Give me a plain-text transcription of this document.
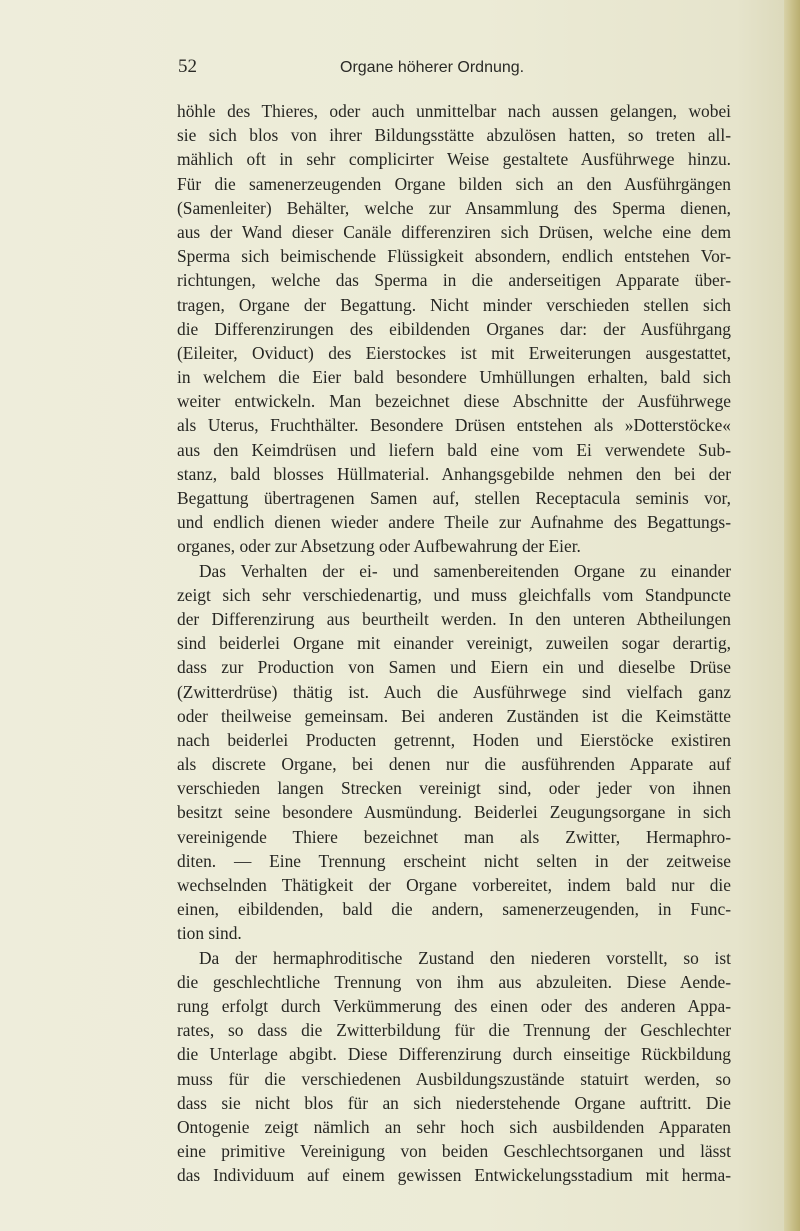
52	Organe höherer Ordnung.
höhle des Thieres, oder auch unmittelbar nach aussen gelangen, wobei
sie sich blos von ihrer Bildungsstätte abzulösen hatten, so treten all-
mählich oft in sehr complicirter Weise gestaltete Ausführwege hinzu.
Für die samenerzeugenden Organe bilden sich an den Ausführgängen
(Samenleiter) Behälter, welche zur Ansammlung des Sperma dienen,
aus der Wand dieser Canäle differenziren sich Drüsen, welche eine dem
Sperma sich beimischende Flüssigkeit absondern, endlich entstehen Vor-
richtungen, welche das Sperma in die anderseitigen Apparate über-
tragen, Organe der Begattung. Nicht minder verschieden stellen sich
die Differenzirungen des eibildenden Organes dar: der Ausführgang
(Eileiter, Oviduct) des Eierstockes ist mit Erweiterungen ausgestattet,
in welchem die Eier bald besondere Umhüllungen erhalten, bald sich
weiter entwickeln. Man bezeichnet diese Abschnitte der Ausführwege
als Uterus, Fruchthälter. Besondere Drüsen entstehen als »Dotterstöcke«
aus den Keimdrüsen und liefern bald eine vom Ei verwendete Sub-
stanz, bald blosses Hüllmaterial. Anhangsgebilde nehmen den bei der
Begattung übertragenen Samen auf, stellen Receptacula seminis vor,
und endlich dienen wieder andere Theile zur Aufnahme des Begattungs-
organes, oder zur Absetzung oder Aufbewahrung der Eier.
Das Verhalten der ei- und samenbereitenden Organe zu einander
zeigt sich sehr verschiedenartig, und muss gleichfalls vom Standpuncte
der Differenzirung aus beurtheilt werden. In den unteren Abtheilungen
sind beiderlei Organe mit einander vereinigt, zuweilen sogar derartig,
dass zur Production von Samen und Eiern ein und dieselbe Drüse
(Zwitterdrüse) thätig ist. Auch die Ausführwege sind vielfach ganz
oder theilweise gemeinsam. Bei anderen Zuständen ist die Keimstätte
nach beiderlei Producten getrennt, Hoden und Eierstöcke existiren
als discrete Organe, bei denen nur die ausführenden Apparate auf
verschieden langen Strecken vereinigt sind, oder jeder von ihnen
besitzt seine besondere Ausmündung. Beiderlei Zeugungsorgane in sich
vereinigende Thiere bezeichnet man als Zwitter, Hermaphro-
diten. — Eine Trennung erscheint nicht selten in der zeitweise
wechselnden Thätigkeit der Organe vorbereitet, indem bald nur die
einen, eibildenden, bald die andern, samenerzeugenden, in Func-
tion sind.
Da der hermaphroditische Zustand den niederen vorstellt, so ist
die geschlechtliche Trennung von ihm aus abzuleiten. Diese Aende-
rung erfolgt durch Verkümmerung des einen oder des anderen Appa-
rates, so dass die Zwitterbildung für die Trennung der Geschlechter
die Unterlage abgibt. Diese Differenzirung durch einseitige Rückbildung
muss für die verschiedenen Ausbildungszustände statuirt werden, so
dass sie nicht blos für an sich niederstehende Organe auftritt. Die
Ontogenie zeigt nämlich an sehr hoch sich ausbildenden Apparaten
eine primitive Vereinigung von beiden Geschlechtsorganen und lässt
das Individuum auf einem gewissen Entwickelungsstadium mit herma-
